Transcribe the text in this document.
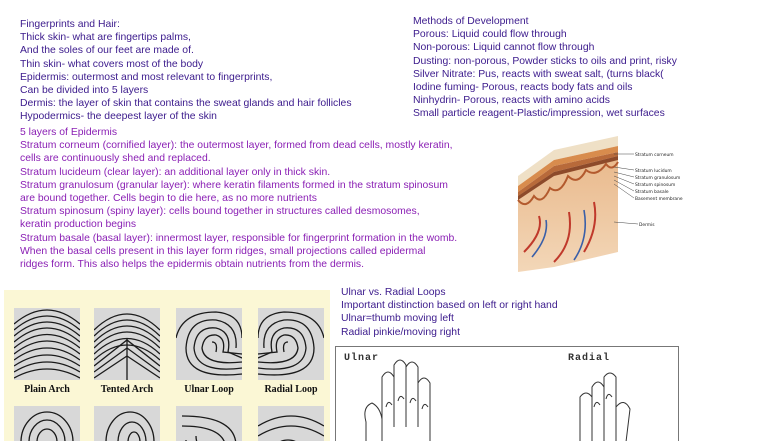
Fingerprints and Hair:
Thick skin- what are fingertips palms,
And the soles of our feet are made of.
Thin skin- what covers most of the body
Epidermis: outermost and most relevant to fingerprints,
Can be divided into 5 layers
Dermis: the layer of skin that contains the sweat glands and hair follicles
Hypodermics- the deepest layer of the skin
5 layers of Epidermis
Stratum corneum (cornified layer): the outermost layer, formed from dead cells, mostly keratin,
cells are continuously shed and replaced.
Stratum lucideum (clear layer): an additional layer only in thick skin.
Stratum granulosum (granular layer): where keratin filaments formed in the stratum spinosum
are bound together. Cells begin to die here, as no more nutrients
Stratum spinosum (spiny layer): cells bound together in structures called desmosomes,
keratin production begins
Stratum basale (basal layer): innermost layer, responsible for fingerprint formation in the womb.
When the basal cells present in this layer form ridges, small projections called epidermal
ridges form. This also helps the epidermis obtain nutrients from the dermis.
Methods of Development
Porous: Liquid could flow through
Non-porous: Liquid cannot flow through
Dusting: non-porous, Powder sticks to oils and print, risky
Silver Nitrate: Pus, reacts with sweat salt, (turns black(
Iodine fuming- Porous, reacts body fats and oils
Ninhydrin- Porous, reacts with amino acids
Small particle reagent-Plastic/impression, wet surfaces
Stratum corneum
Stratum lucidum
Stratum granulosum
Stratum spinosum
Stratum basale
Basement membrane
Dermis
Ulnar vs. Radial Loops
Important distinction based on left or right hand
Ulnar=thumb moving left
Radial pinkie/moving right
Plain Arch	Tented Arch	Ulnar Loop	Radial Loop
Ulnar	Radial
